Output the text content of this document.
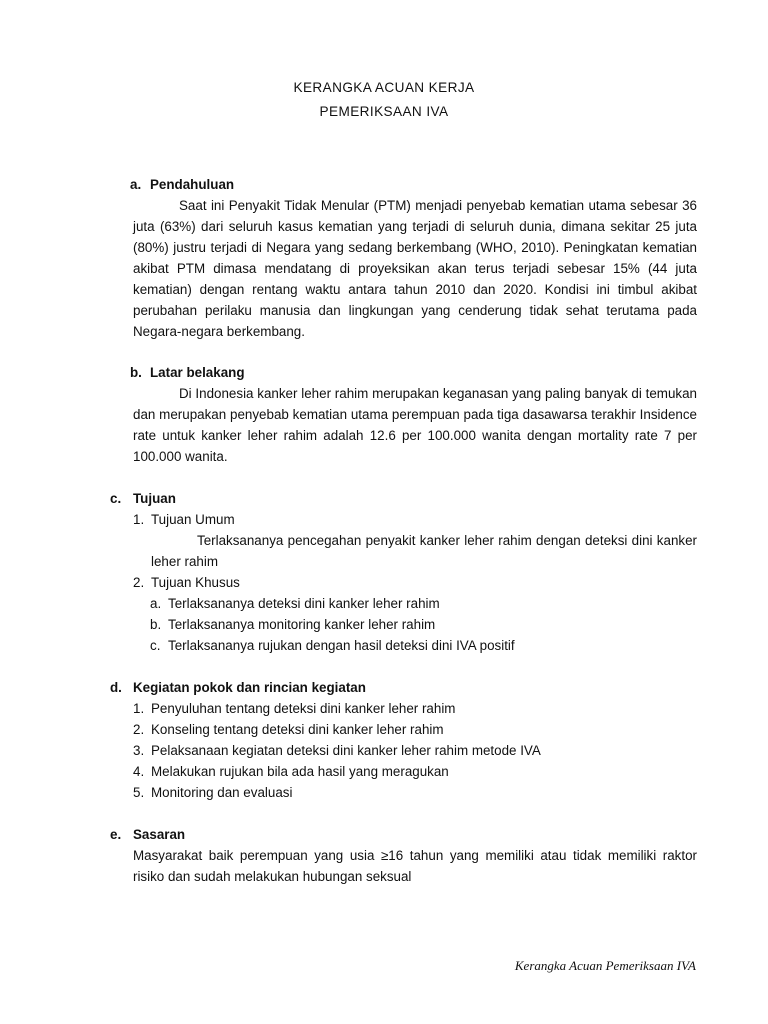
KERANGKA ACUAN KERJA
PEMERIKSAAN IVA
a. Pendahuluan
Saat ini Penyakit Tidak Menular (PTM) menjadi penyebab kematian utama sebesar 36 juta (63%) dari seluruh kasus kematian yang terjadi di seluruh dunia, dimana sekitar 25 juta (80%) justru terjadi di Negara yang sedang berkembang (WHO, 2010). Peningkatan kematian akibat PTM dimasa mendatang di proyeksikan akan terus terjadi sebesar 15% (44 juta kematian) dengan rentang waktu antara tahun 2010 dan 2020. Kondisi ini timbul akibat perubahan perilaku manusia dan lingkungan yang cenderung tidak sehat terutama pada Negara-negara berkembang.
b. Latar belakang
Di Indonesia kanker leher rahim merupakan keganasan yang paling banyak di temukan dan merupakan penyebab kematian utama perempuan pada tiga dasawarsa terakhir Insidence rate untuk kanker leher rahim adalah 12.6 per 100.000 wanita dengan mortality rate 7 per 100.000 wanita.
c. Tujuan
1. Tujuan Umum
Terlaksananya pencegahan penyakit kanker leher rahim dengan deteksi dini kanker leher rahim
2. Tujuan Khusus
a. Terlaksananya deteksi dini kanker leher rahim
b. Terlaksananya monitoring kanker leher rahim
c. Terlaksananya rujukan dengan hasil deteksi dini IVA positif
d. Kegiatan pokok dan rincian kegiatan
1. Penyuluhan tentang deteksi dini kanker leher rahim
2. Konseling tentang deteksi dini kanker leher rahim
3. Pelaksanaan kegiatan deteksi dini kanker leher rahim metode IVA
4. Melakukan rujukan bila ada hasil yang meragukan
5. Monitoring dan evaluasi
e. Sasaran
Masyarakat baik perempuan yang usia ≥16 tahun yang memiliki atau tidak memiliki raktor risiko dan sudah melakukan hubungan seksual
Kerangka Acuan Pemeriksaan IVA
